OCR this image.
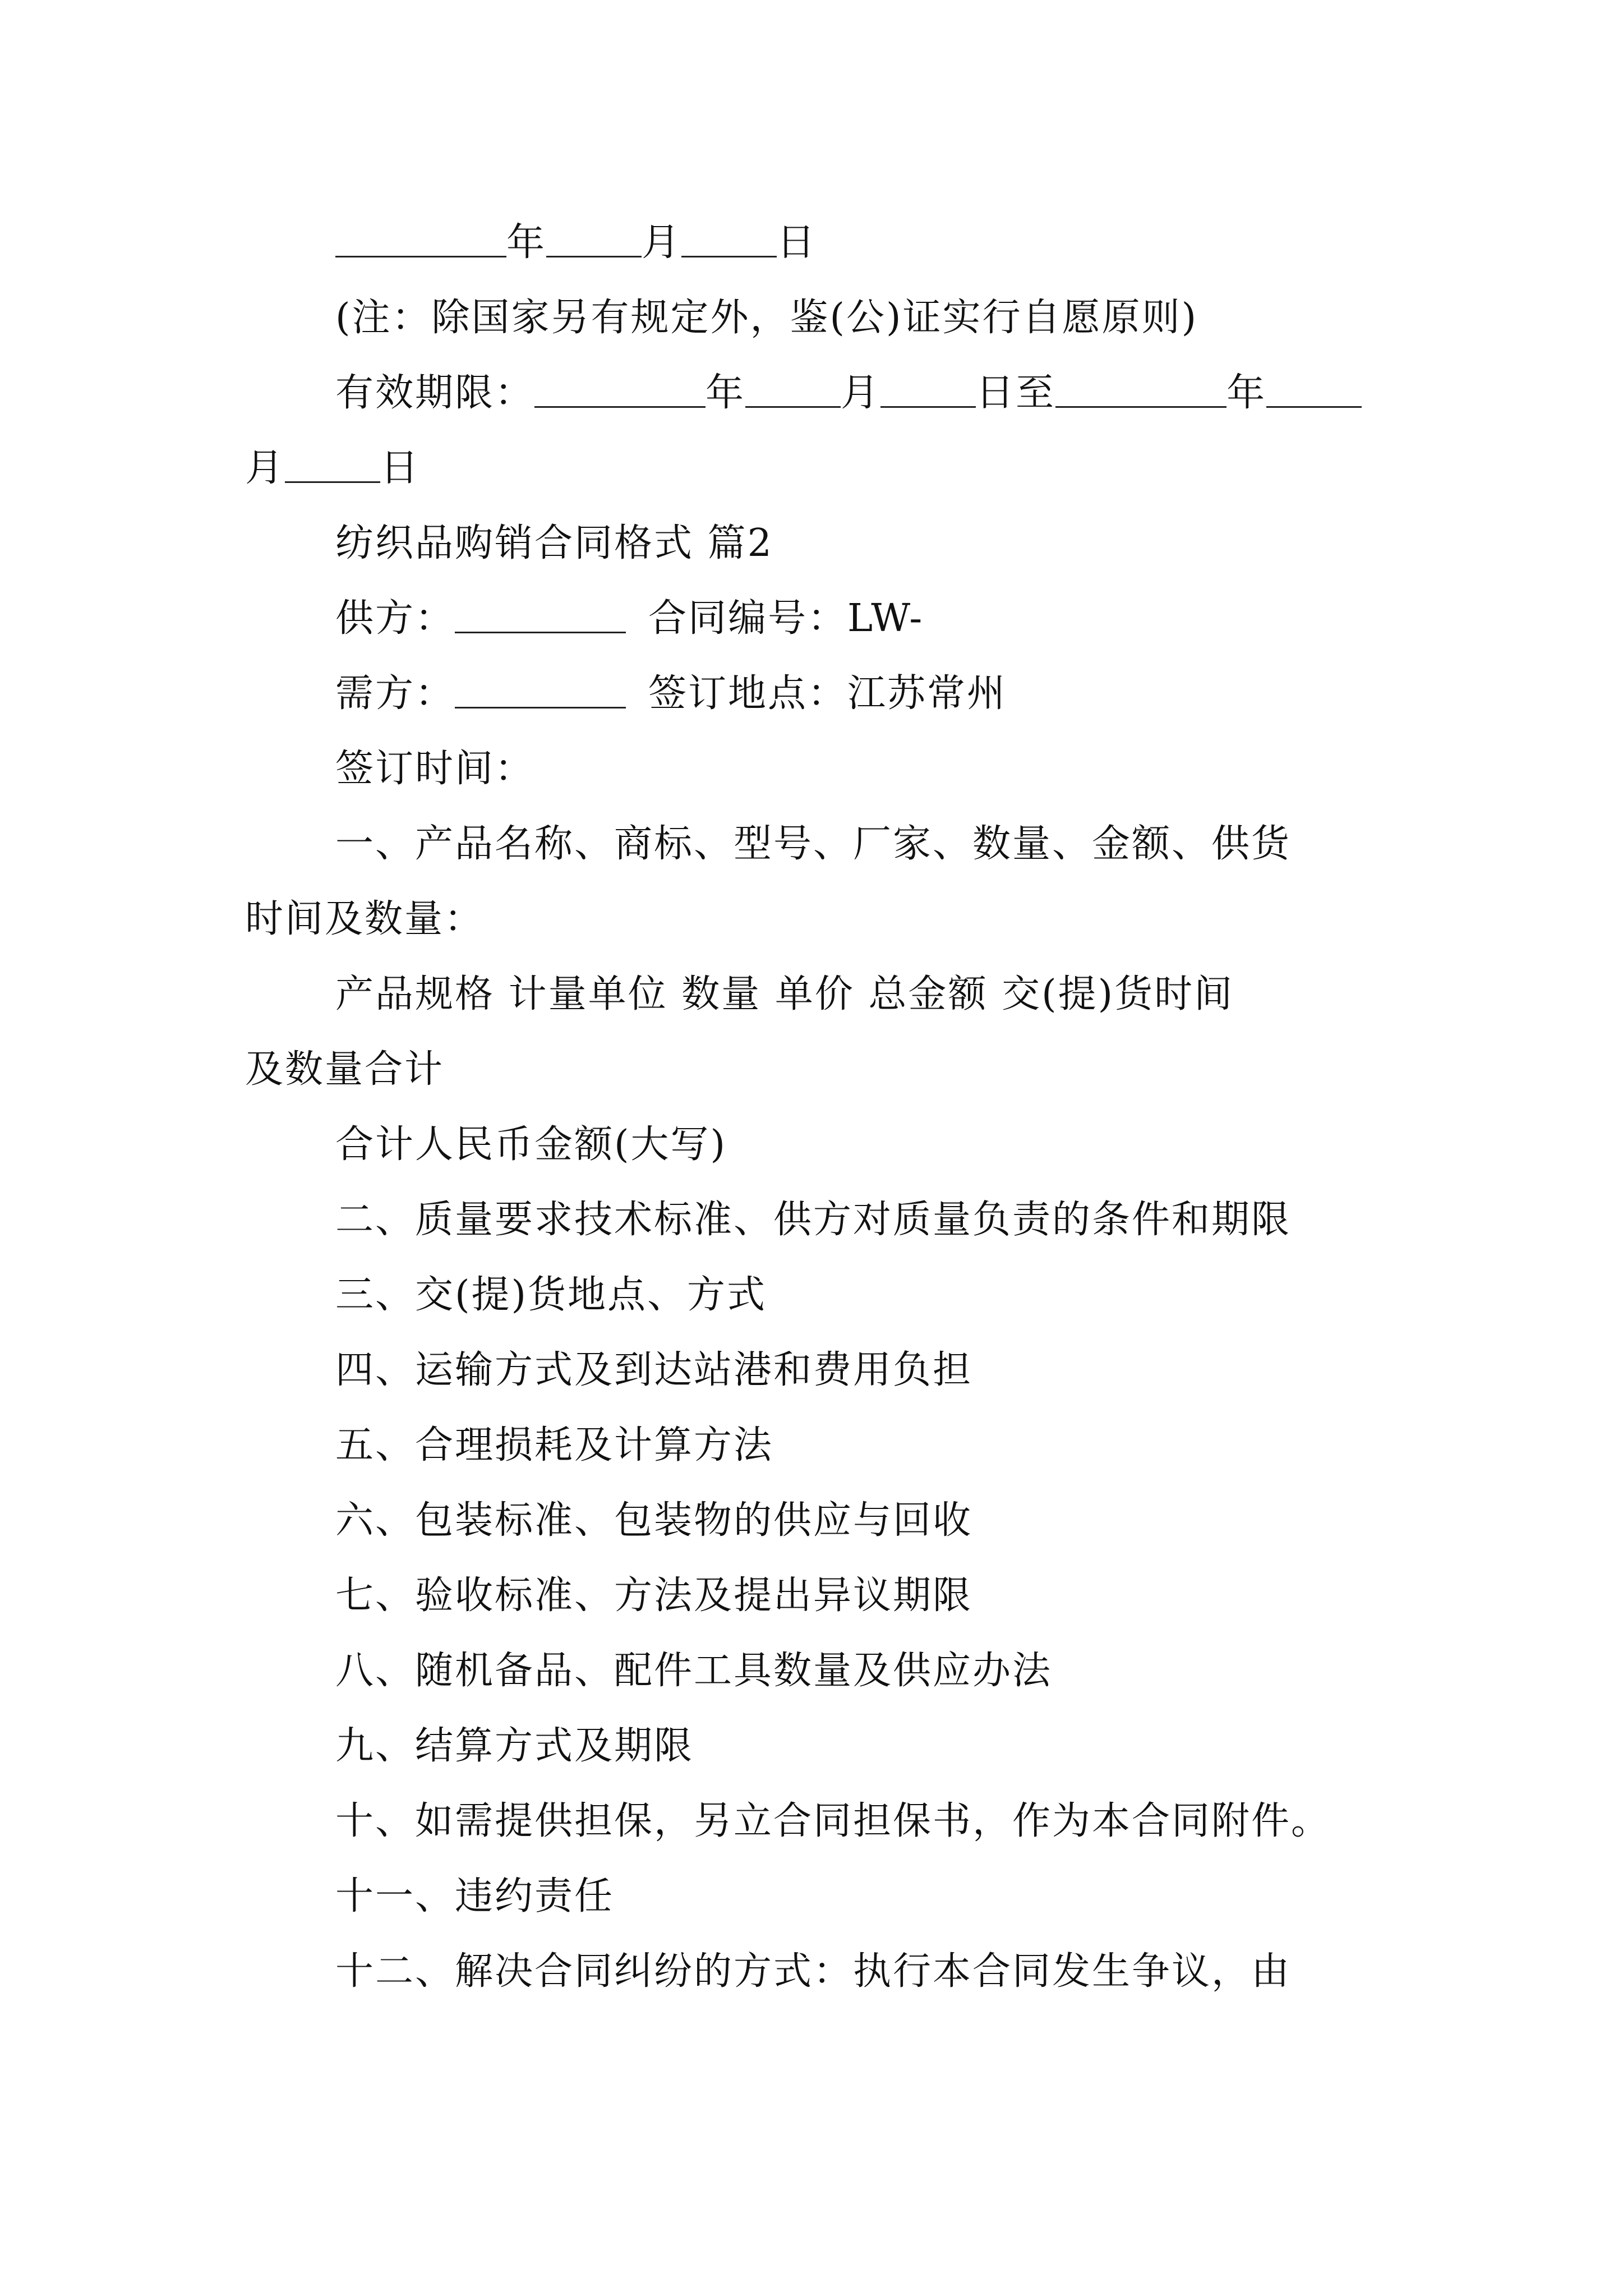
年	月	日
(注：除国家另有规定外，鉴(公)证实行自愿原则)
有效期限：	年	月	日至	年
月	日
纺织品购销合同格式 篇2
供方：	合同编号：LW-
需方：	签订地点：江苏常州
签订时间：
一、产品名称、商标、型号、厂家、数量、金额、供货
时间及数量：
产品规格 计量单位 数量 单价 总金额 交(提)货时间
及数量合计
合计人民币金额(大写)
二、质量要求技术标准、供方对质量负责的条件和期限
三、交(提)货地点、方式
四、运输方式及到达站港和费用负担
五、合理损耗及计算方法
六、包装标准、包装物的供应与回收
七、验收标准、方法及提出异议期限
八、随机备品、配件工具数量及供应办法
九、结算方式及期限
十、如需提供担保，另立合同担保书，作为本合同附件。
十一、违约责任
十二、解决合同纠纷的方式：执行本合同发生争议，由
